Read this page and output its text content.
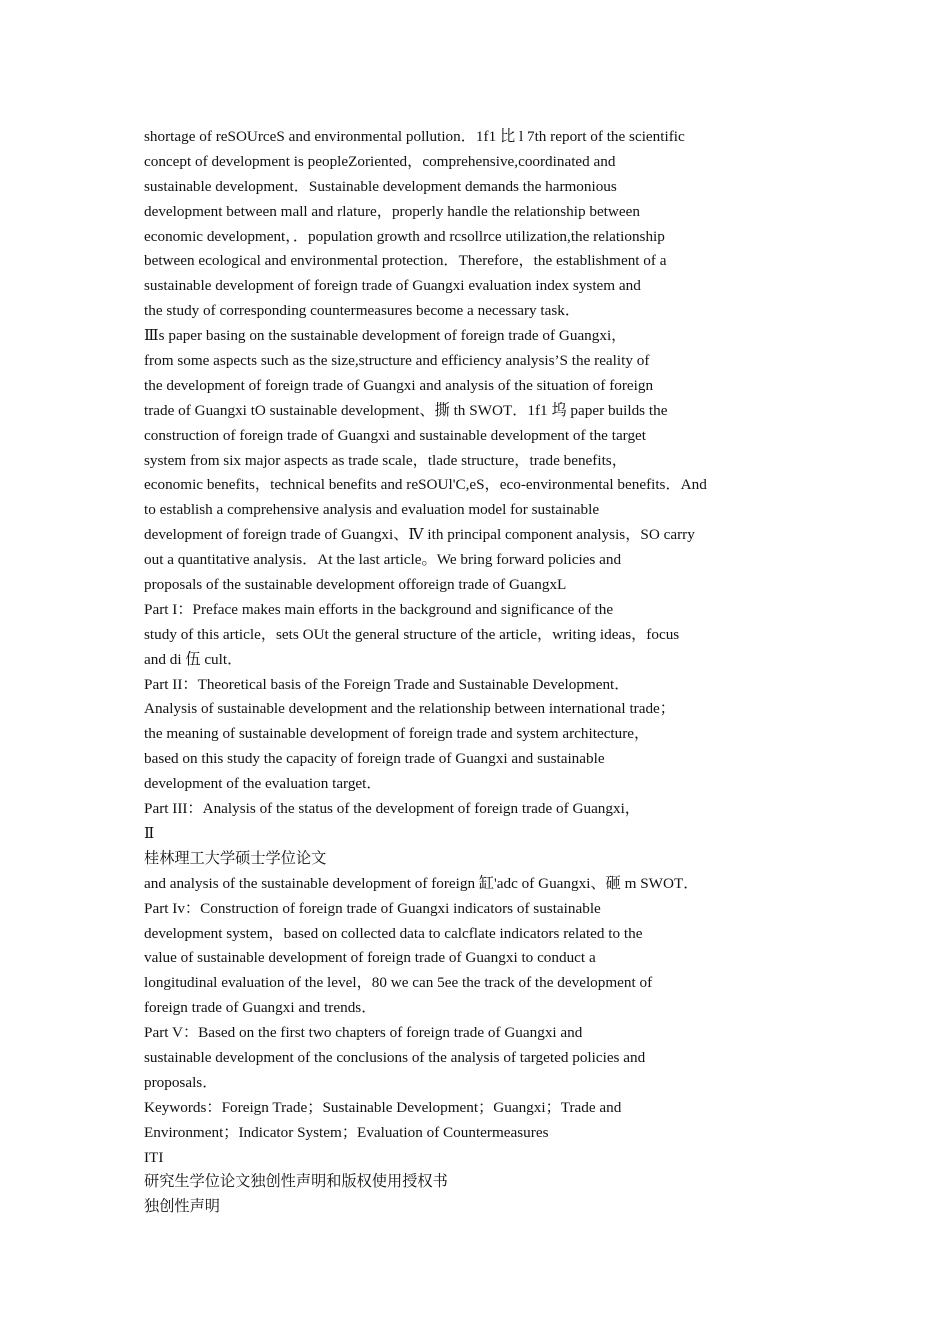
shortage of reSOUrceS and environmental pollution．1f1 比 l 7th report of the scientific
concept of development is peopleZoriented，comprehensive,coordinated and
sustainable development．Sustainable development demands the harmonious
development between mall and rlature，properly handle the relationship between
economic development，．population growth and rcsollrce utilization,the relationship
between ecological and environmental protection．Therefore，the establishment of a
sustainable development of foreign trade of Guangxi evaluation index system and
the study of corresponding countermeasures become a necessary task．
Ⅲs paper basing on the sustainable development of foreign trade of Guangxi，
from some aspects such as the size,structure and efficiency analysis’S the reality of
the development of foreign trade of Guangxi and analysis of the situation of foreign
trade of Guangxi tO sustainable development、撕 th SWOT．1f1 坞 paper builds the
construction of foreign trade of Guangxi and sustainable development of the target
system from six major aspects as trade scale，tlade structure，trade benefits，
economic benefits，technical benefits and reSOUl'C,eS，eco-environmental benefits．And
to establish a comprehensive analysis and evaluation model for sustainable
development of foreign trade of Guangxi、Ⅳ ith principal component analysis，SO carry
out a quantitative analysis．At the last article。We bring forward policies and
proposals of the sustainable development offoreign trade of GuangxL
Part I：Preface makes main efforts in the background and significance of the
study of this article，sets OUt the general structure of the article，writing ideas，focus
and di 伍 cult．
Part II：Theoretical basis of the Foreign Trade and Sustainable Development．
Analysis of sustainable development and the relationship between international trade；
the meaning of sustainable development of foreign trade and system architecture，
based on this study the capacity of foreign trade of Guangxi and sustainable
development of the evaluation target．
Part III：Analysis of the status of the development of foreign trade of Guangxi，
Ⅱ
桂林理工大学硕士学位论文
and analysis of the sustainable development of foreign 缸'adc of Guangxi、砸 m SWOT．
Part Iv：Construction of foreign trade of Guangxi indicators of sustainable
development system，based on collected data to calcflate indicators related to the
value of sustainable development of foreign trade of Guangxi to conduct a
longitudinal evaluation of the level，80 we can 5ee the track of the development of
foreign trade of Guangxi and trends．
Part V：Based on the first two chapters of foreign trade of Guangxi and
sustainable development of the conclusions of the analysis of targeted policies and
proposals．
Keywords：Foreign Trade；Sustainable Development；Guangxi；Trade and
Environment；Indicator System；Evaluation of Countermeasures
ITI
研究生学位论文独创性声明和版权使用授权书
独创性声明
